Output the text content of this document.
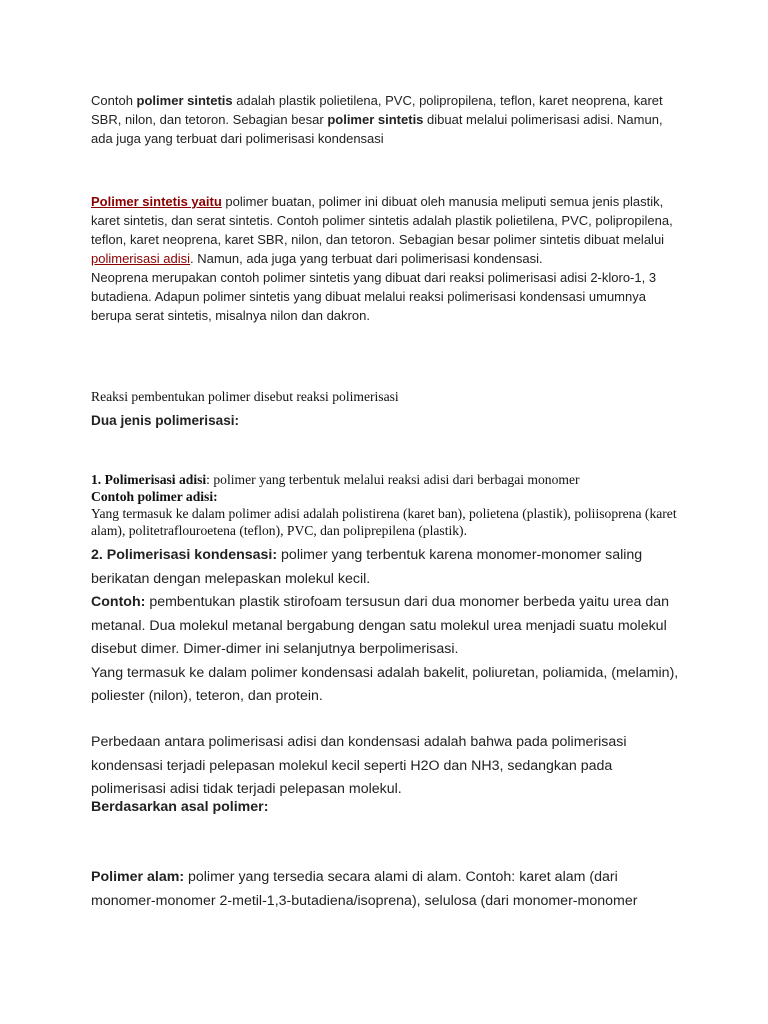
Contoh polimer sintetis adalah plastik polietilena, PVC, polipropilena, teflon, karet neoprena, karet SBR, nilon, dan tetoron. Sebagian besar polimer sintetis dibuat melalui polimerisasi adisi. Namun, ada juga yang terbuat dari polimerisasi kondensasi

Polimer sintetis yaitu polimer buatan, polimer ini dibuat oleh manusia meliputi semua jenis plastik, karet sintetis, dan serat sintetis. Contoh polimer sintetis adalah plastik polietilena, PVC, polipropilena, teflon, karet neoprena, karet SBR, nilon, dan tetoron. Sebagian besar polimer sintetis dibuat melalui polimerisasi adisi. Namun, ada juga yang terbuat dari polimerisasi kondensasi.
Neoprena merupakan contoh polimer sintetis yang dibuat dari reaksi polimerisasi adisi 2-kloro-1, 3 butadiena. Adapun polimer sintetis yang dibuat melalui reaksi polimerisasi kondensasi umumnya berupa serat sintetis, misalnya nilon dan dakron.

Reaksi pembentukan polimer disebut reaksi polimerisasi

Dua jenis polimerisasi:

1. Polimerisasi adisi: polimer yang terbentuk melalui reaksi adisi dari berbagai monomer
Contoh polimer adisi:
Yang termasuk ke dalam polimer adisi adalah polistirena (karet ban), polietena (plastik), poliisoprena (karet alam), politetraflouroetena (teflon), PVC, dan poliprepilena (plastik).

2. Polimerisasi kondensasi: polimer yang terbentuk karena monomer-monomer saling berikatan dengan melepaskan molekul kecil.
Contoh: pembentukan plastik stirofoam tersusun dari dua monomer berbeda yaitu urea dan metanal. Dua molekul metanal bergabung dengan satu molekul urea menjadi suatu molekul disebut dimer. Dimer-dimer ini selanjutnya berpolimerisasi.
Yang termasuk ke dalam polimer kondensasi adalah bakelit, poliuretan, poliamida, (melamin), poliester (nilon), teteron, dan protein.

Perbedaan antara polimerisasi adisi dan kondensasi adalah bahwa pada polimerisasi kondensasi terjadi pelepasan molekul kecil seperti H2O dan NH3, sedangkan pada polimerisasi adisi tidak terjadi pelepasan molekul.

Berdasarkan asal polimer:

Polimer alam: polimer yang tersedia secara alami di alam. Contoh: karet alam (dari monomer-monomer 2-metil-1,3-butadiena/isoprena), selulosa (dari monomer-monomer
